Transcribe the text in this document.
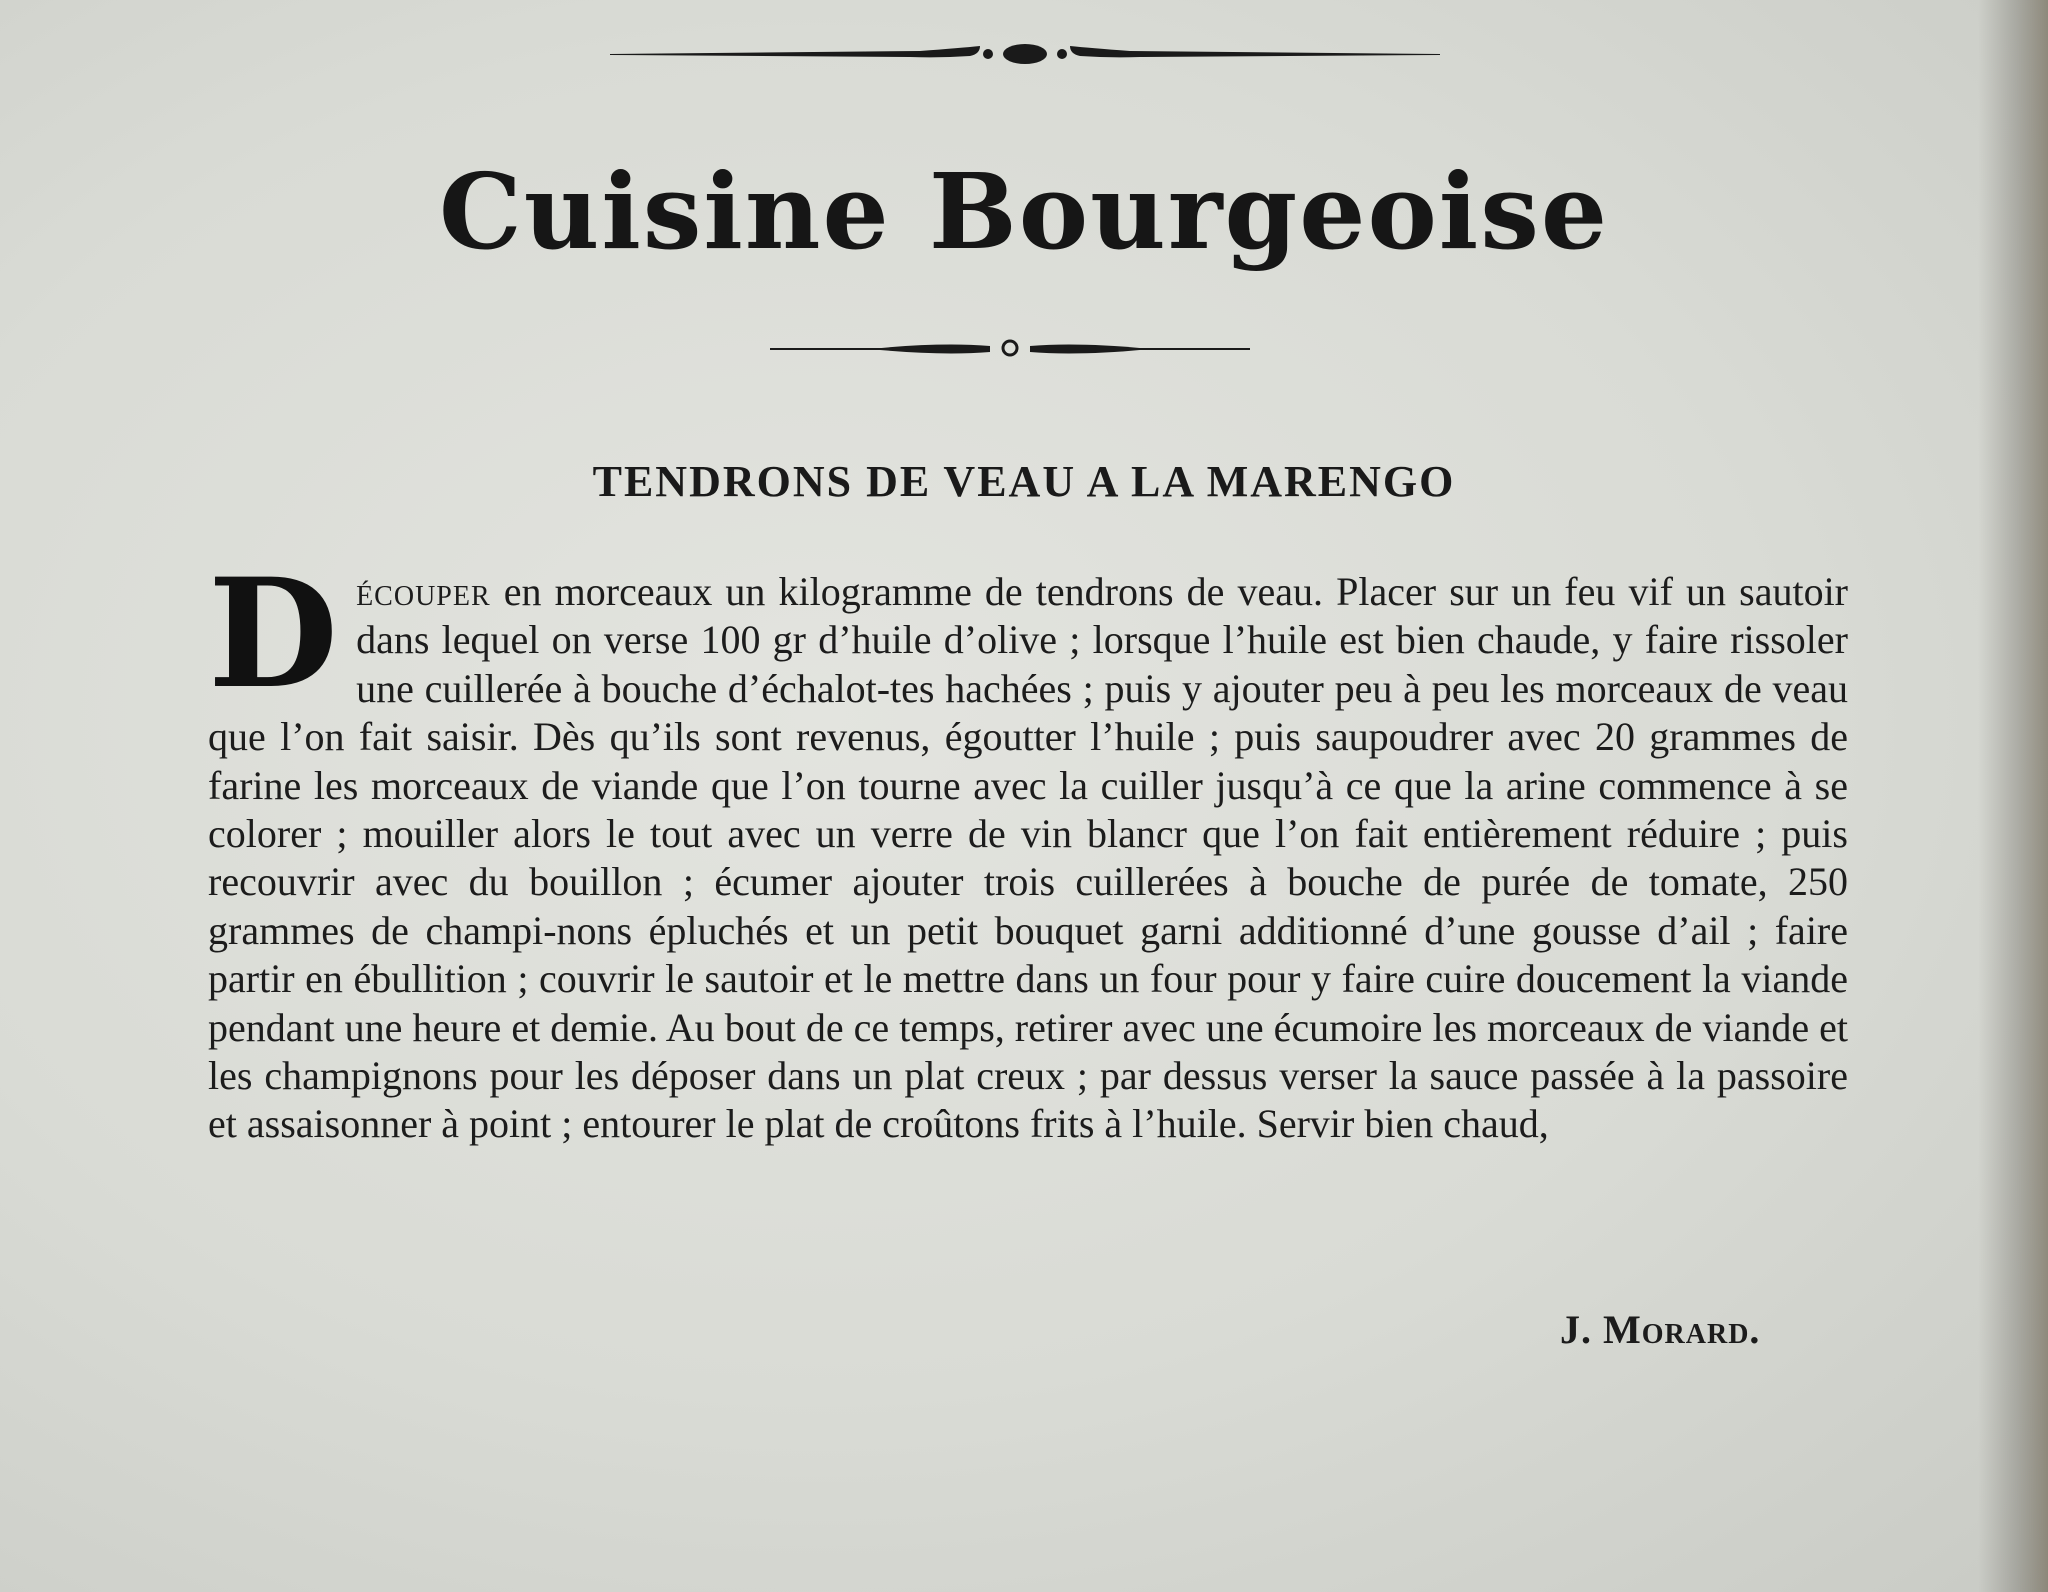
Cuisine Bourgeoise
TENDRONS DE VEAU A LA MARENGO
Découper en morceaux un kilogramme de tendrons de veau. Placer sur un feu vif un sautoir dans lequel on verse 100 gr d’huile d’olive ; lorsque l’huile est bien chaude, y faire rissoler une cuillerée à bouche d’échalot-tes hachées ; puis y ajouter peu à peu les morceaux de veau que l’on fait saisir. Dès qu’ils sont revenus, égoutter l’huile ; puis saupoudrer avec 20 grammes de farine les morceaux de viande que l’on tourne avec la cuiller jusqu’à ce que la arine commence à se colorer ; mouiller alors le tout avec un verre de vin blancr que l’on fait entièrement réduire ; puis recouvrir avec du bouillon ; écumer ajouter trois cuillerées à bouche de purée de tomate, 250 grammes de champi-nons épluchés et un petit bouquet garni additionné d’une gousse d’ail ; faire partir en ébullition ; couvrir le sautoir et le mettre dans un four pour y faire cuire doucement la viande pendant une heure et demie. Au bout de ce temps, retirer avec une écumoire les morceaux de viande et les champignons pour les déposer dans un plat creux ; par dessus verser la sauce passée à la passoire et assaisonner à point ; entourer le plat de croûtons frits à l’huile. Servir bien chaud,
J. Morard.
